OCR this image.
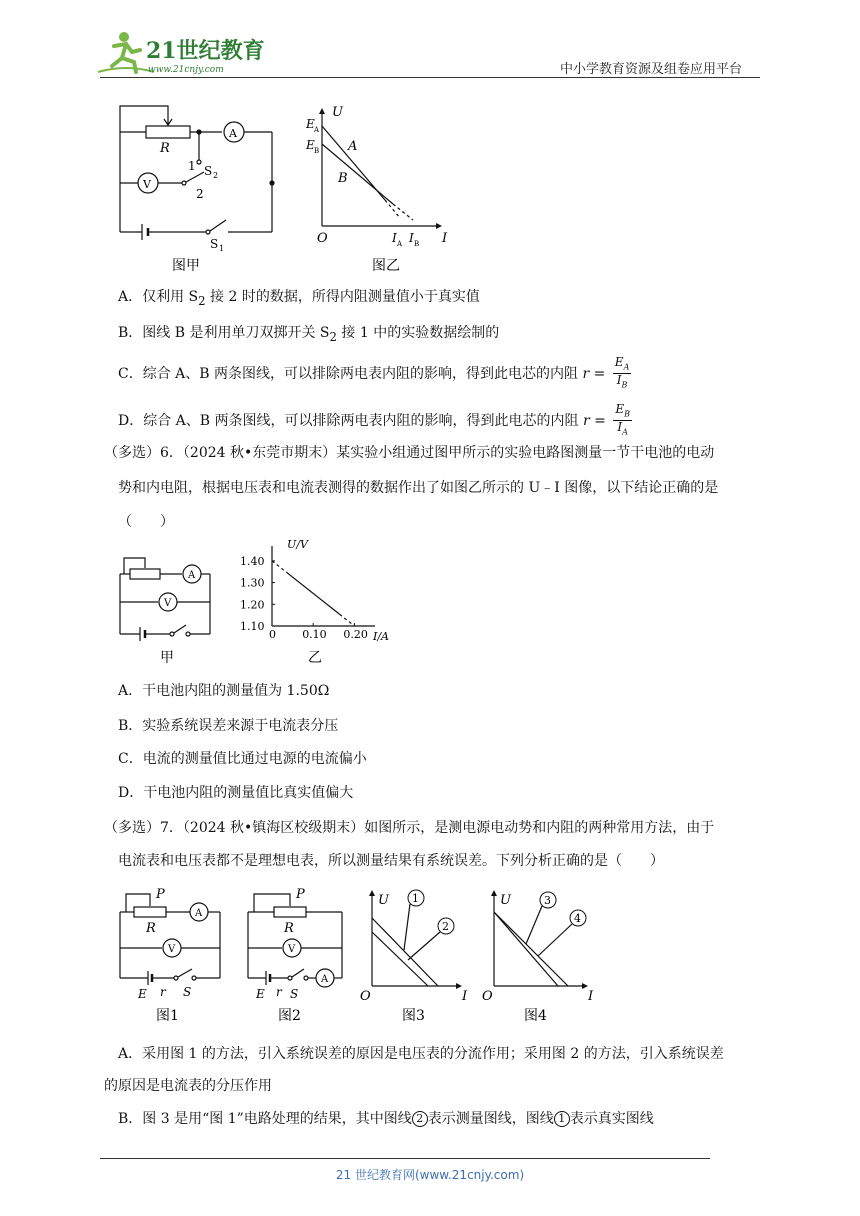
21世纪教育
www.21cnjy.com	中小学教育资源及组卷应用平台
R
A
V
1
2
S 2
S 1
图甲
U
I
O
E A
E B A
B
I A I B
图乙
A．仅利用 $S_2$ 接 2 时的数据，所得内阻测量值小于真实值
B．图线 B 是利用单刀双掷开关 $S_2$ 接 1 中的实验数据绘制的
C．综合 A、B 两条图线，可以排除两电表内阻的影响，得到此电芯的内阻 $r = \frac{E_A}{I_B}$
D．综合 A、B 两条图线，可以排除两电表内阻的影响，得到此电芯的内阻 $r = \frac{E_B}{I_A}$
（多选）6．（2024 秋•东莞市期末）某实验小组通过图甲所示的实验电路图测量一节干电池的电动
势和内电阻，根据电压表和电流表测得的数据作出了如图乙所示的 U﹣I 图像，以下结论正确的是
（　　）
A
V
甲
0 0.10 0.20
1.40
1.30
1.20
1.10
U/V
I/A
乙
A．干电池内阻的测量值为 1.50Ω
B．实验系统误差来源于电流表分压
C．电流的测量值比通过电源的电流偏小
D．干电池内阻的测量值比真实值偏大
（多选）7．（2024 秋•镇海区校级期末）如图所示，是测电源电动势和内阻的两种常用方法，由于
电流表和电压表都不是理想电表，所以测量结果有系统误差。下列分析正确的是（　　）
P
R
A
V
E r S
图1
P
R
V
A
E r S
图2
U
I
O
1
2
图3
U
I
O
3
4
图4
A．采用图 1 的方法，引入系统误差的原因是电压表的分流作用；采用图 2 的方法，引入系统误差
的原因是电流表的分压作用
B．图 3 是用“图 1”电路处理的结果，其中图线 2 表示测量图线，图线 1 表示真实图线
21 世纪教育网(www.21cnjy.com)
